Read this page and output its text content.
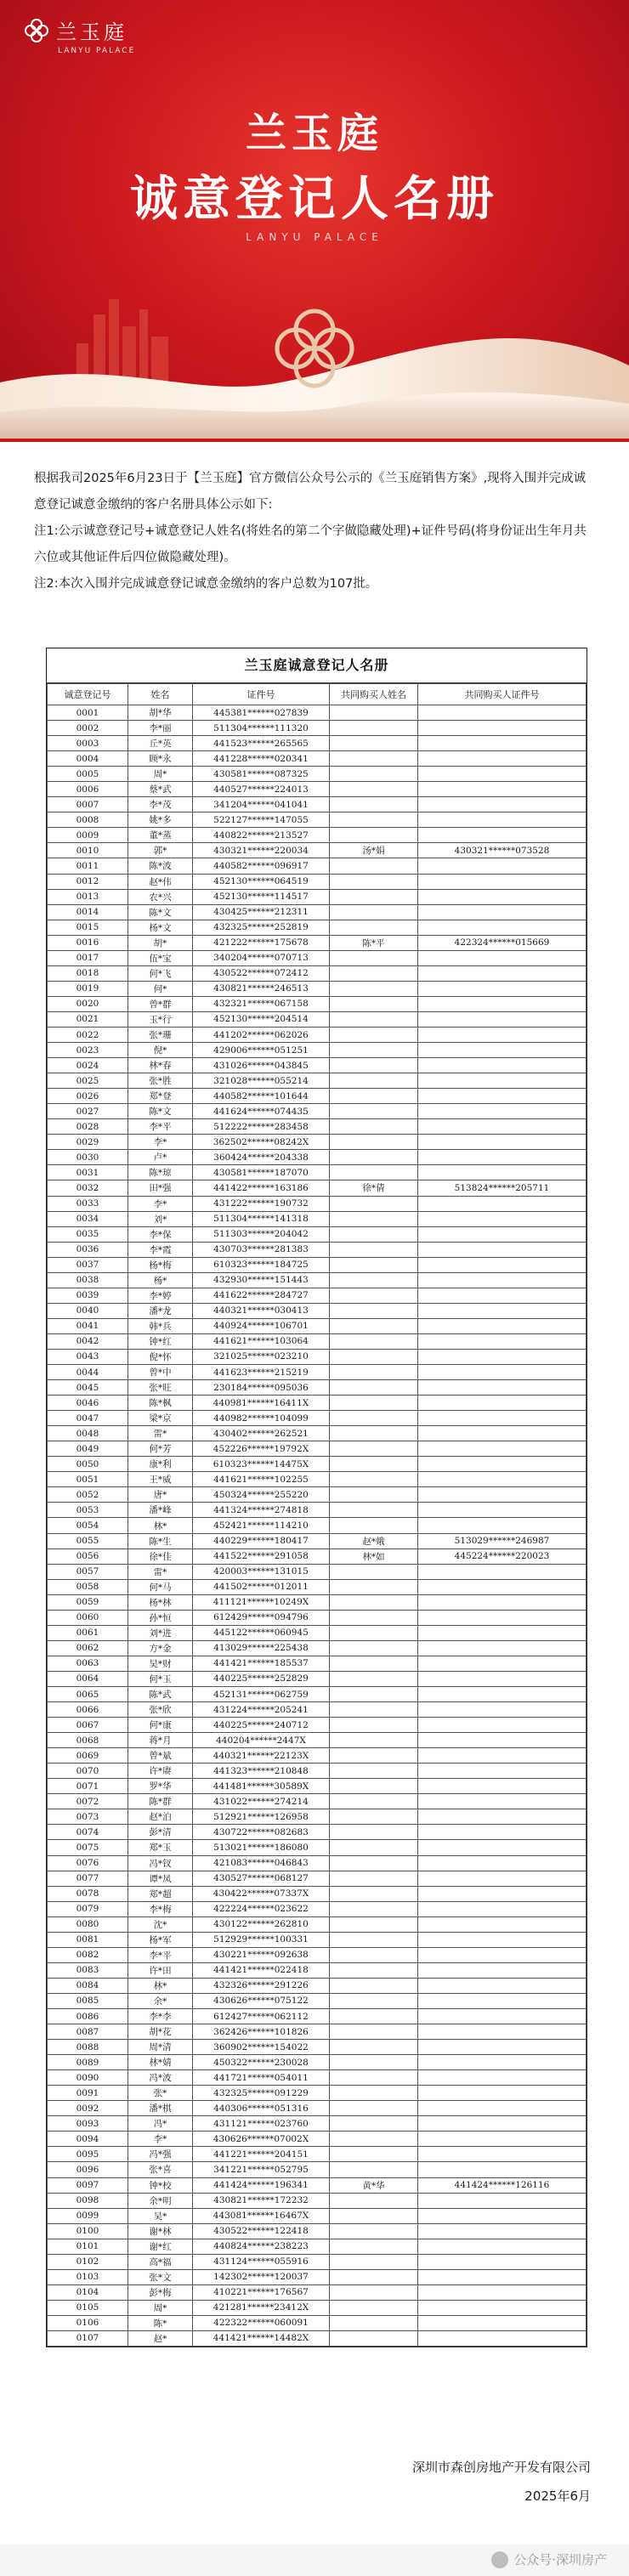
兰玉庭
LANYU PALACE
兰玉庭
诚意登记人名册
LANYU PALACE

根据我司2025年6月23日于【兰玉庭】官方微信公众号公示的《兰玉庭销售方案》,现将入围并完成诚意登记诚意金缴纳的客户名册具体公示如下:

注1:公示诚意登记号+诚意登记人姓名(将姓名的第二个字做隐藏处理)+证件号码(将身份证出生年月共六位或其他证件后四位做隐藏处理)。

注2:本次入围并完成诚意登记诚意金缴纳的客户总数为107批。

兰玉庭诚意登记人名册
诚意登记号	姓名	证件号	共同购买人姓名	共同购买人证件号
0001	胡*华	445381******027839		
0002	李*丽	511304******111320		
0003	丘*英	441523******265565		
0004	顾*永	441228******020341		
0005	周*	430581******087325		
0006	蔡*武	440527******224013		
0007	李*茂	341204******041041		
0008	姚*多	522127******147055		
0009	董*蒸	440822******213527		
0010	郭*	430321******220034	汤*娟	430321******073528
0011	陈*波	440582******096917		
0012	赵*伟	452130******064519		
0013	农*兴	452130******114517		
0014	陈*文	430425******212311		
0015	杨*文	432325******252819		
0016	胡*	421222******175678	陈*平	422324******015669
0017	伍*宝	340204******070713		
0018	何*飞	430522******072412		
0019	何*	430821******246513		
0020	曾*群	432321******067158		
0021	玉*行	452130******204514		
0022	张*珊	441202******062026		
0023	倪*	429006******051251		
0024	林*春	431026******043845		
0025	张*胜	321028******055214		
0026	郑*登	440582******101644		
0027	陈*文	441624******074435		
0028	李*平	512222******283458		
0029	李*	362502******08242X		
0030	卢*	360424******204338		
0031	陈*琼	430581******187070		
0032	田*强	441422******163186	徐*倩	513824******205711
0033	李*	431222******190732		
0034	刘*	511304******141318		
0035	李*保	511303******204042		
0036	李*霞	430703******281383		
0037	杨*梅	610323******184725		
0038	杨*	432930******151443		
0039	李*婷	441622******284727		
0040	潘*龙	440321******030413		
0041	韩*兵	440924******106701		
0042	钟*红	441621******103064		
0043	倪*怀	321025******023210		
0044	曾*中	441623******215219		
0045	张*旺	230184******095036		
0046	陈*枫	440981******16411X		
0047	梁*京	440982******104099		
0048	雷*	430402******262521		
0049	何*芳	452226******19792X		
0050	康*利	610323******14475X		
0051	王*威	441621******102255		
0052	唐*	450324******255220		
0053	潘*峰	441324******274818		
0054	林*	452421******114210		
0055	陈*生	440229******180417	赵*娥	513029******246987
0056	徐*佳	441522******291058	林*如	445224******220023
0057	雷*	420003******131015		
0058	何*马	441502******012011		
0059	杨*林	411121******10249X		
0060	孙*恒	612429******094796		
0061	刘*进	445122******060945		
0062	方*金	413029******225438		
0063	吴*财	441421******185537		
0064	何*玉	440225******252829		
0065	陈*武	452131******062759		
0066	张*欣	431224******205241		
0067	何*康	440225******240712		
0068	蒋*月	440204******2447X		
0069	曾*斌	440321******22123X		
0070	许*赓	441323******210848		
0071	罗*华	441481******30589X		
0072	陈*群	431022******274214		
0073	赵*泊	512921******126958		
0074	彭*清	430722******082683		
0075	郑*玉	513021******186080		
0076	冯*钗	421083******046843		
0077	谭*凤	430527******068127		
0078	郑*超	430422******07337X		
0079	李*梅	422224******023622		
0080	沈*	430122******262810		
0081	杨*军	512929******100331		
0082	李*平	430221******092638		
0083	许*田	441421******022418		
0084	林*	432326******291226		
0085	余*	430626******075122		
0086	李*李	612427******062112		
0087	胡*花	362426******101826		
0088	周*清	360902******154022		
0089	林*婧	450322******230028		
0090	冯*波	441721******054011		
0091	张*	432325******091229		
0092	潘*棋	440306******051316		
0093	冯*	431121******023760		
0094	李*	430626******07002X		
0095	冯*强	441221******204151		
0096	张*喜	341221******052795		
0097	钟*校	441424******196341	黄*华	441424******126116
0098	余*明	430821******172232		
0099	吴*	443081******16467X		
0100	谢*林	430522******122418		
0101	谢*红	440824******238223		
0102	高*福	431124******055916		
0103	张*文	142302******120037		
0104	彭*梅	410221******176567		
0105	周*	421281******23412X		
0106	陈*	422322******060091		
0107	赵*	441421******14482X		
深圳市森创房地产开发有限公司
2025年6月
公众号·深圳房产
